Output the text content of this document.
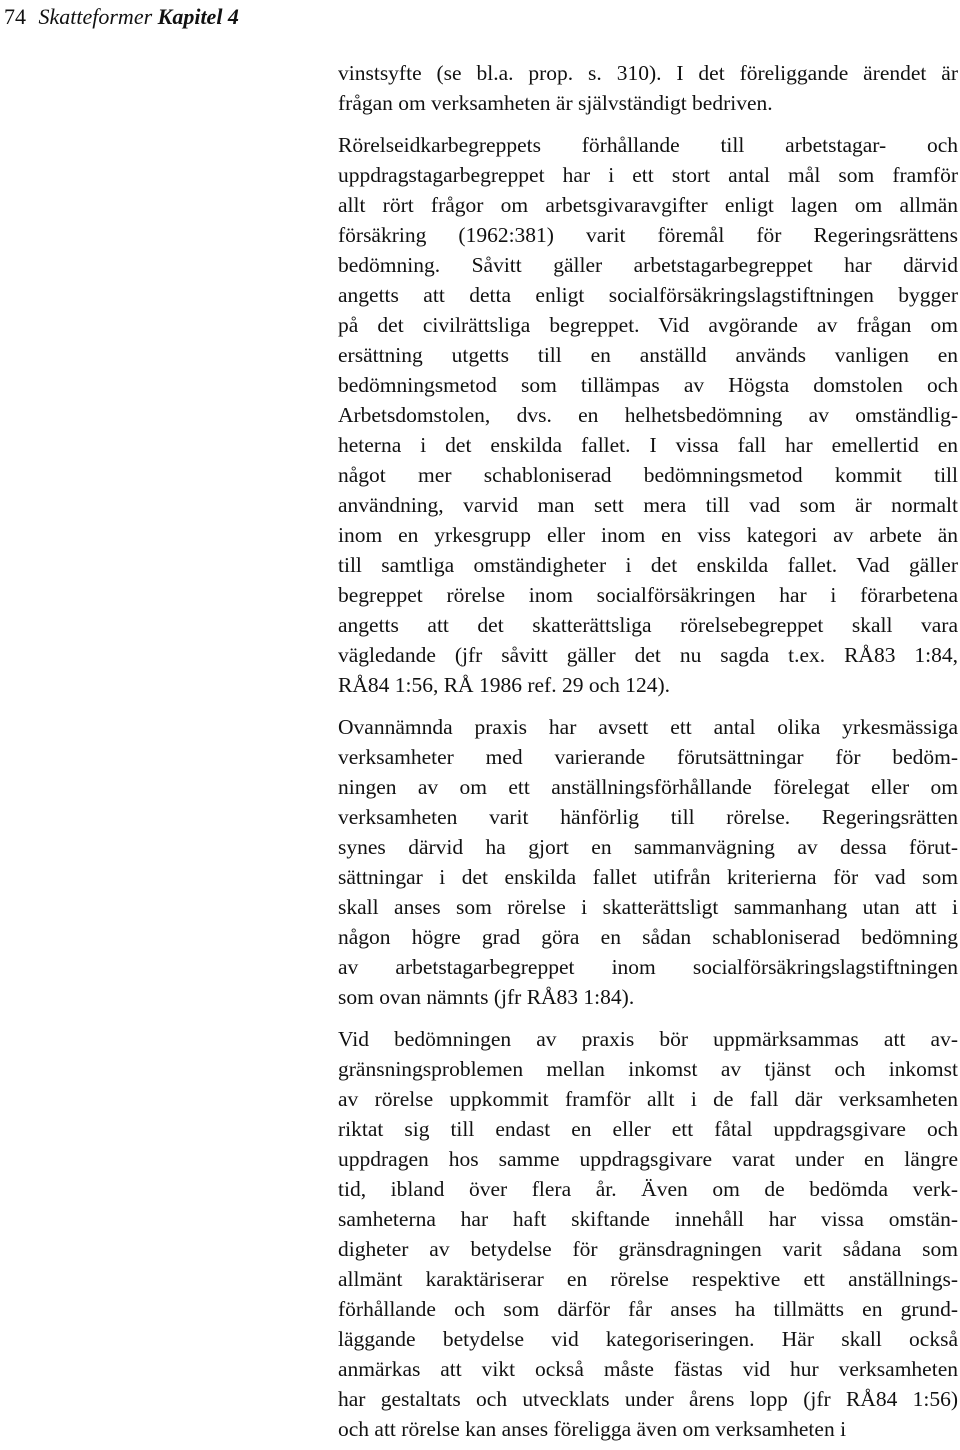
74 Skatteformer Kapitel 4

vinstsyfte (se bl.a. prop. s. 310). I det föreliggande ärendet är
frågan om verksamheten är självständigt bedriven.

Rörelseidkarbegreppets förhållande till arbetstagar- och
uppdragstagarbegreppet har i ett stort antal mål som framför
allt rört frågor om arbetsgivaravgifter enligt lagen om allmän
försäkring (1962:381) varit föremål för Regeringsrättens
bedömning. Såvitt gäller arbetstagarbegreppet har därvid
angetts att detta enligt socialförsäkringslagstiftningen bygger
på det civilrättsliga begreppet. Vid avgörande av frågan om
ersättning utgetts till en anställd används vanligen en
bedömningsmetod som tillämpas av Högsta domstolen och
Arbetsdomstolen, dvs. en helhetsbedömning av omständlig-
heterna i det enskilda fallet. I vissa fall har emellertid en
något mer schabloniserad bedömningsmetod kommit till
användning, varvid man sett mera till vad som är normalt
inom en yrkesgrupp eller inom en viss kategori av arbete än
till samtliga omständigheter i det enskilda fallet. Vad gäller
begreppet rörelse inom socialförsäkringen har i förarbetena
angetts att det skatterättsliga rörelsebegreppet skall vara
vägledande (jfr såvitt gäller det nu sagda t.ex. RÅ83 1:84,
RÅ84 1:56, RÅ 1986 ref. 29 och 124).

Ovannämnda praxis har avsett ett antal olika yrkesmässiga
verksamheter med varierande förutsättningar för bedöm-
ningen av om ett anställningsförhållande förelegat eller om
verksamheten varit hänförlig till rörelse. Regeringsrätten
synes därvid ha gjort en sammanvägning av dessa förut-
sättningar i det enskilda fallet utifrån kriterierna för vad som
skall anses som rörelse i skatterättsligt sammanhang utan att i
någon högre grad göra en sådan schabloniserad bedömning
av arbetstagarbegreppet inom socialförsäkringslagstiftningen
som ovan nämnts (jfr RÅ83 1:84).

Vid bedömningen av praxis bör uppmärksammas att av-
gränsningsproblemen mellan inkomst av tjänst och inkomst
av rörelse uppkommit framför allt i de fall där verksamheten
riktat sig till endast en eller ett fåtal uppdragsgivare och
uppdragen hos samme uppdragsgivare varat under en längre
tid, ibland över flera år. Även om de bedömda verk-
samheterna har haft skiftande innehåll har vissa omstän-
digheter av betydelse för gränsdragningen varit sådana som
allmänt karaktäriserar en rörelse respektive ett anställnings-
förhållande och som därför får anses ha tillmätts en grund-
läggande betydelse vid kategoriseringen. Här skall också
anmärkas att vikt också måste fästas vid hur verksamheten
har gestaltats och utvecklats under årens lopp (jfr RÅ84 1:56)
och att rörelse kan anses föreligga även om verksamheten i
